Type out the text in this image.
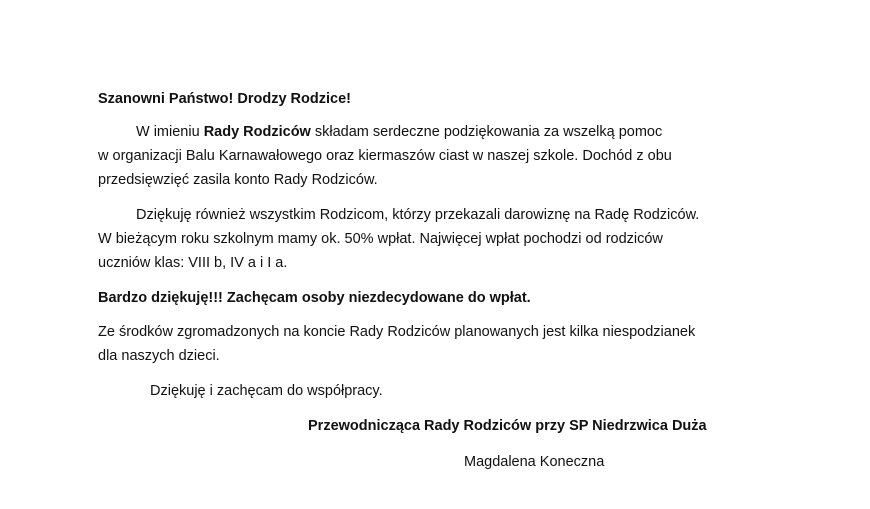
Szanowni Państwo! Drodzy Rodzice!
W imieniu Rady Rodziców składam serdeczne podziękowania za wszelką pomoc
w organizacji Balu Karnawałowego oraz kiermaszów ciast w naszej szkole. Dochód z obu
przedsięwzięć zasila konto Rady Rodziców.
Dziękuję również wszystkim Rodzicom, którzy przekazali darowiznę na Radę Rodziców.
W bieżącym roku szkolnym mamy ok. 50% wpłat. Najwięcej wpłat pochodzi od rodziców
uczniów klas: VIII b, IV a i I a.
Bardzo dziękuję!!! Zachęcam osoby niezdecydowane do wpłat.
Ze środków zgromadzonych na koncie Rady Rodziców planowanych jest kilka niespodzianek
dla naszych dzieci.
Dziękuję i zachęcam do współpracy.
Przewodnicząca Rady Rodziców przy SP Niedrzwica Duża
Magdalena Koneczna
